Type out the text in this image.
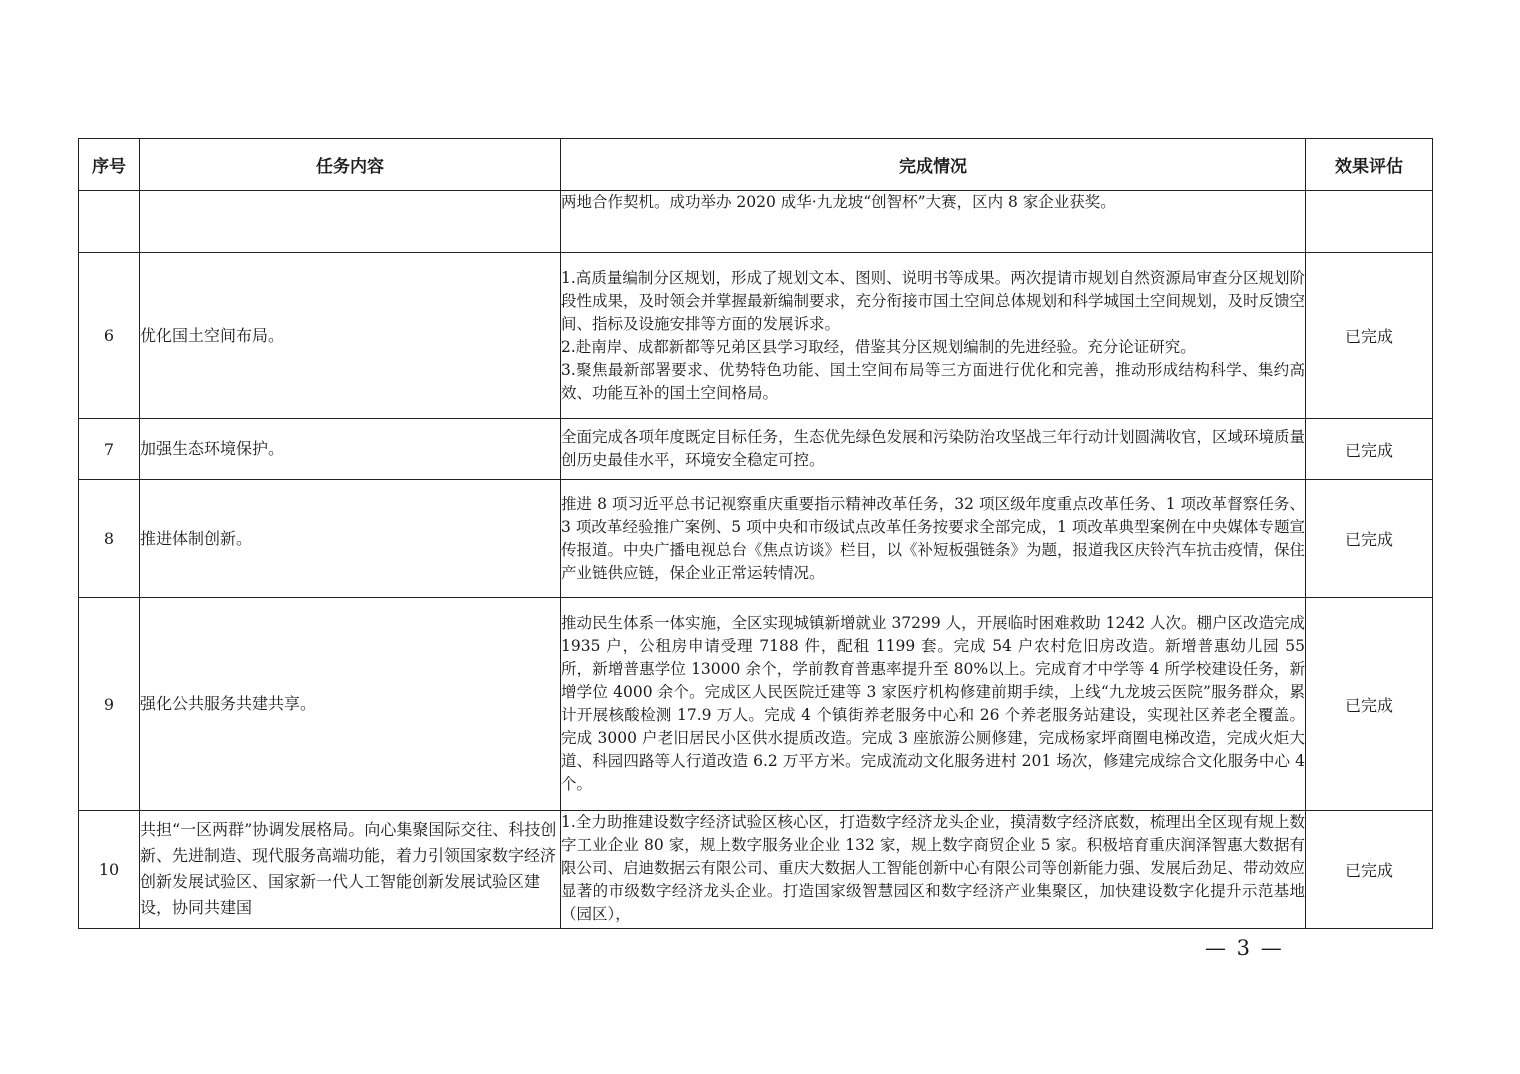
序号	任务内容	完成情况	效果评估
		两地合作契机。成功举办 2020 成华·九龙坡“创智杯”大赛，区内 8 家企业获奖。	
6	优化国土空间布局。	1.高质量编制分区规划，形成了规划文本、图则、说明书等成果。两次提请市规划自然资源局审查分区规划阶段性成果，及时领会并掌握最新编制要求，充分衔接市国土空间总体规划和科学城国土空间规划，及时反馈空间、指标及设施安排等方面的发展诉求。
2.赴南岸、成都新都等兄弟区县学习取经，借鉴其分区规划编制的先进经验。充分论证研究。
3.聚焦最新部署要求、优势特色功能、国土空间布局等三方面进行优化和完善，推动形成结构科学、集约高效、功能互补的国土空间格局。	已完成
7	加强生态环境保护。	全面完成各项年度既定目标任务，生态优先绿色发展和污染防治攻坚战三年行动计划圆满收官，区域环境质量创历史最佳水平，环境安全稳定可控。	已完成
8	推进体制创新。	推进 8 项习近平总书记视察重庆重要指示精神改革任务，32 项区级年度重点改革任务、1 项改革督察任务、3 项改革经验推广案例、5 项中央和市级试点改革任务按要求全部完成，1 项改革典型案例在中央媒体专题宣传报道。中央广播电视总台《焦点访谈》栏目，以《补短板强链条》为题，报道我区庆铃汽车抗击疫情，保住产业链供应链，保企业正常运转情况。	已完成
9	强化公共服务共建共享。	推动民生体系一体实施，全区实现城镇新增就业 37299 人，开展临时困难救助 1242 人次。棚户区改造完成 1935 户，公租房申请受理 7188 件，配租 1199 套。完成 54 户农村危旧房改造。新增普惠幼儿园 55 所，新增普惠学位 13000 余个，学前教育普惠率提升至 80%以上。完成育才中学等 4 所学校建设任务，新增学位 4000 余个。完成区人民医院迁建等 3 家医疗机构修建前期手续，上线“九龙坡云医院”服务群众，累计开展核酸检测 17.9 万人。完成 4 个镇街养老服务中心和 26 个养老服务站建设，实现社区养老全覆盖。完成 3000 户老旧居民小区供水提质改造。完成 3 座旅游公厕修建，完成杨家坪商圈电梯改造，完成火炬大道、科园四路等人行道改造 6.2 万平方米。完成流动文化服务进村 201 场次，修建完成综合文化服务中心 4 个。	已完成
10	共担“一区两群”协调发展格局。向心集聚国际交往、科技创新、先进制造、现代服务高端功能，着力引领国家数字经济创新发展试验区、国家新一代人工智能创新发展试验区建设，协同共建国	1.全力助推建设数字经济试验区核心区，打造数字经济龙头企业，摸清数字经济底数，梳理出全区现有规上数字工业企业 80 家，规上数字服务业企业 132 家，规上数字商贸企业 5 家。积极培育重庆润泽智惠大数据有限公司、启迪数据云有限公司、重庆大数据人工智能创新中心有限公司等创新能力强、发展后劲足、带动效应显著的市级数字经济龙头企业。打造国家级智慧园区和数字经济产业集聚区，加快建设数字化提升示范基地（园区），	已完成
— 3 —
